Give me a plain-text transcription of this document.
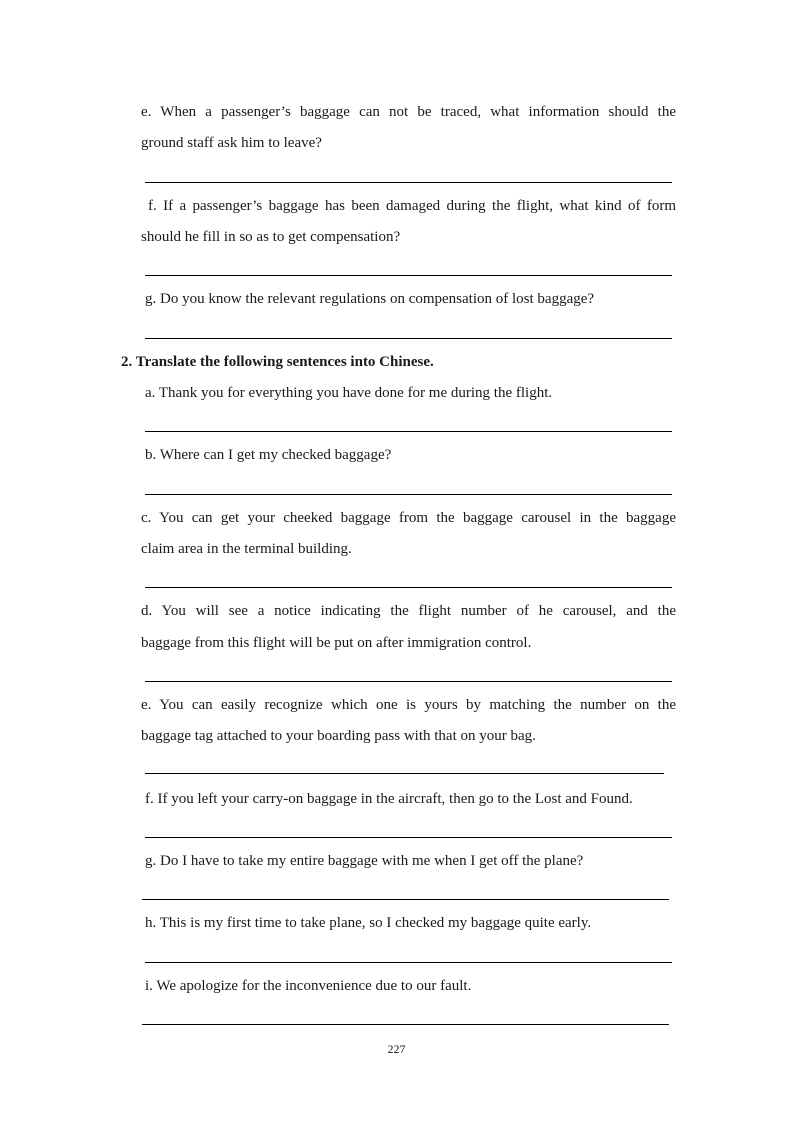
e. When a passenger’s baggage can not be traced, what information should the
ground staff ask him to leave?
f. If a passenger’s baggage has been damaged during the flight, what kind of form
should he fill in so as to get compensation?
g. Do you know the relevant regulations on compensation of lost baggage?
2. Translate the following sentences into Chinese.
a. Thank you for everything you have done for me during the flight.
b. Where can I get my checked baggage?
c. You can get your cheeked baggage from the baggage carousel in the baggage
claim area in the terminal building.
d. You will see a notice indicating the flight number of he carousel, and the
baggage from this flight will be put on after immigration control.
e. You can easily recognize which one is yours by matching the number on the
baggage tag attached to your boarding pass with that on your bag.
f. If you left your carry-on baggage in the aircraft, then go to the Lost and Found.
g. Do I have to take my entire baggage with me when I get off the plane?
h. This is my first time to take plane, so I checked my baggage quite early.
i. We apologize for the inconvenience due to our fault.
227
